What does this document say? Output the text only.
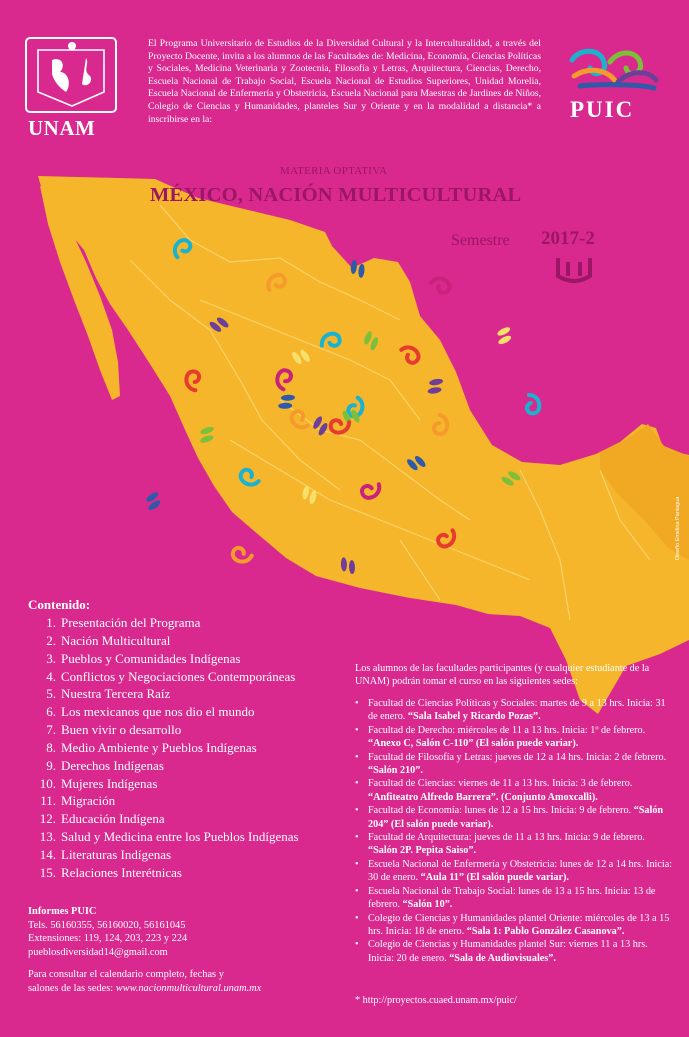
El Programa Universitario de Estudios de la Diversidad Cultural y la Interculturalidad, a través del Proyecto Docente, invita a los alumnos de las Facultades de: Medicina, Economía, Ciencias Políticas y Sociales, Medicina Veterinaria y Zootecnia, Filosofía y Letras, Arquitectura, Ciencias, Derecho, Escuela Nacional de Trabajo Social, Escuela Nacional de Estudios Superiores, Unidad Morelia, Escuela Nacional de Enfermería y Obstetricia, Escuela Nacional para Maestras de Jardines de Niños, Colegio de Ciencias y Humanidades, planteles Sur y Oriente y en la modalidad a distancia* a inscribirse en la:
UNAM
PUIC
MATERIA OPTATIVA
MÉXICO, NACIÓN MULTICULTURAL
Semestre 2017-2
Contenido:
1. Presentación del Programa
2. Nación Multicultural
3. Pueblos y Comunidades Indígenas
4. Conflictos y Negociaciones Contemporáneas
5. Nuestra Tercera Raíz
6. Los mexicanos que nos dio el mundo
7. Buen vivir o desarrollo
8. Medio Ambiente y Pueblos Indígenas
9. Derechos Indígenas
10. Mujeres Indígenas
11. Migración
12. Educación Indígena
13. Salud y Medicina entre los Pueblos Indígenas
14. Literaturas Indígenas
15. Relaciones Interétnicas
Informes PUIC
Tels. 56160355, 56160020, 56161045
Extensiones: 119, 124, 203, 223 y 224
pueblosdiversidad14@gmail.com
Para consultar el calendario completo, fechas y
salones de las sedes: www.nacionmulticultural.unam.mx
Los alumnos de las facultades participantes (y cualquier estudiante de la UNAM) podrán tomar el curso en las siguientes sedes:
• Facultad de Ciencias Políticas y Sociales: martes de 9 a 13 hrs. Inicia: 31 de enero. “Sala Isabel y Ricardo Pozas”.
• Facultad de Derecho: miércoles de 11 a 13 hrs. Inicia: 1º de febrero. “Anexo C, Salón C-110” (El salón puede variar).
• Facultad de Filosofía y Letras: jueves de 12 a 14 hrs. Inicia: 2 de febrero. “Salón 210”.
• Facultad de Ciencias: viernes de 11 a 13 hrs. Inicia: 3 de febrero. “Anfiteatro Alfredo Barrera”. (Conjunto Amoxcalli).
• Facultad de Economía: lunes de 12 a 15 hrs. Inicia: 9 de febrero. “Salón 204” (El salón puede variar).
• Facultad de Arquitectura: jueves de 11 a 13 hrs. Inicia: 9 de febrero. “Salón 2P. Pepita Saiso”.
• Escuela Nacional de Enfermería y Obstetricia: lunes de 12 a 14 hrs. Inicia: 30 de enero. “Aula 11” (El salón puede variar).
• Escuela Nacional de Trabajo Social: lunes de 13 a 15 hrs. Inicia: 13 de febrero. “Salón 10”.
• Colegio de Ciencias y Humanidades plantel Oriente: miércoles de 13 a 15 hrs. Inicia: 18 de enero. “Sala 1: Pablo González Casanova”.
• Colegio de Ciencias y Humanidades plantel Sur: viernes 11 a 13 hrs. Inicia: 20 de enero. “Sala de Audiovisuales”.
* http://proyectos.cuaed.unam.mx/puic/
Diseño Emelina Paniagua
